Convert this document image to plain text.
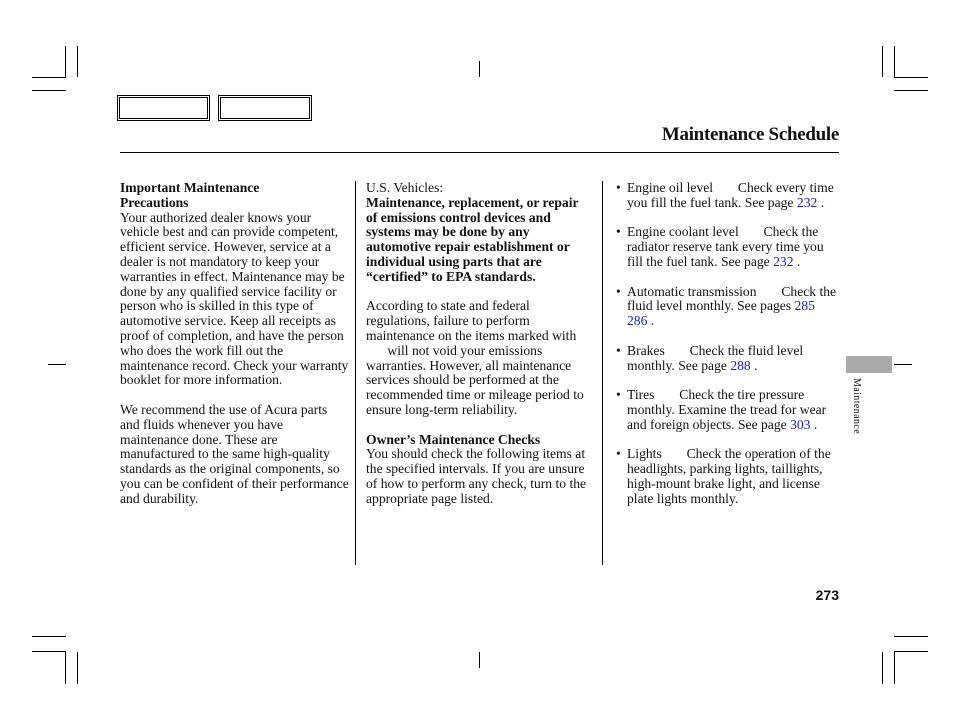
Maintenance Schedule
Important Maintenance Precautions

Your authorized dealer knows your vehicle best and can provide competent, efficient service. However, service at a dealer is not mandatory to keep your warranties in effect. Maintenance may be done by any qualified service facility or person who is skilled in this type of automotive service. Keep all receipts as proof of completion, and have the person who does the work fill out the maintenance record. Check your warranty booklet for more information.

We recommend the use of Acura parts and fluids whenever you have maintenance done. These are manufactured to the same high-quality standards as the original components, so you can be confident of their performance and durability.

U.S. Vehicles:

Maintenance, replacement, or repair of emissions control devices and systems may be done by any automotive repair establishment or individual using parts that are “certified” to EPA standards.

According to state and federal regulations, failure to perform maintenance on the items marked with  will not void your emissions warranties. However, all maintenance services should be performed at the recommended time or mileage period to ensure long-term reliability.

Owner’s Maintenance Checks

You should check the following items at the specified intervals. If you are unsure of how to perform any check, turn to the appropriate page listed.

• Engine oil level Check every time you fill the fuel tank. See page 232 .
• Engine coolant level Check the radiator reserve tank every time you fill the fuel tank. See page 232 .
• Automatic transmission Check the fluid level monthly. See pages 285  286 .
• Brakes Check the fluid level monthly. See page 288 .
• Tires Check the tire pressure monthly. Examine the tread for wear and foreign objects. See page 303 .
• Lights Check the operation of the headlights, parking lights, taillights, high-mount brake light, and license plate lights monthly.
Maintenance
273
